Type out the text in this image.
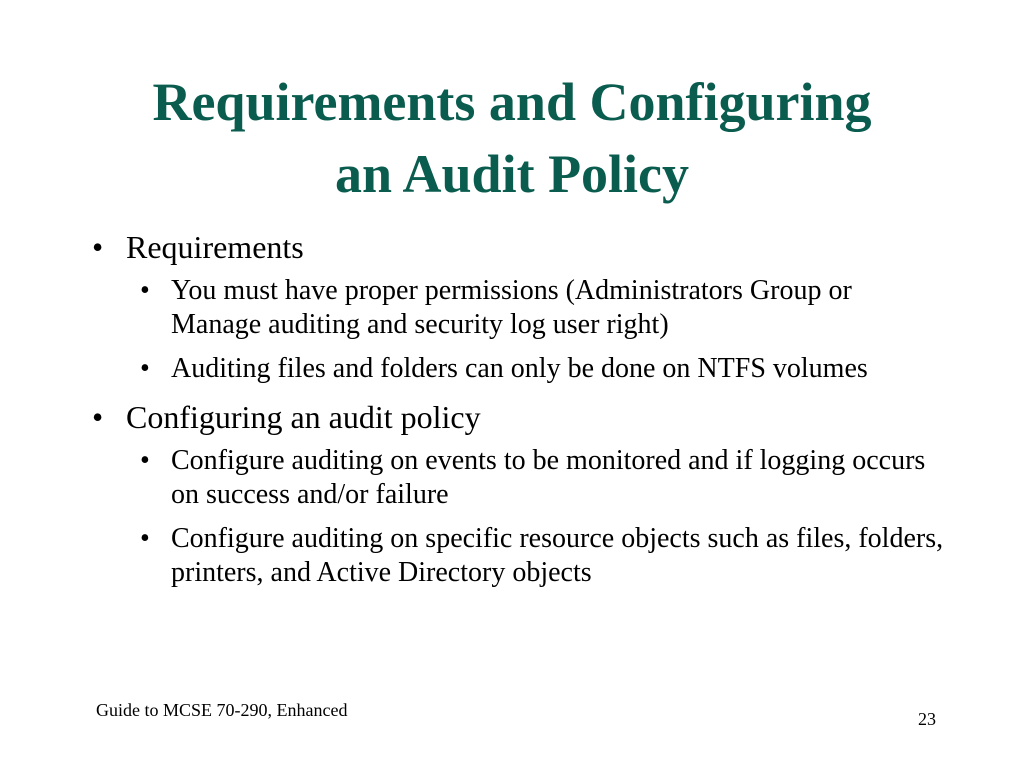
Requirements and Configuring
an Audit Policy
• Requirements
• You must have proper permissions (Administrators Group or Manage auditing and security log user right)
• Auditing files and folders can only be done on NTFS volumes
• Configuring an audit policy
• Configure auditing on events to be monitored and if logging occurs on success and/or failure
• Configure auditing on specific resource objects such as files, folders, printers, and Active Directory objects
Guide to MCSE 70-290, Enhanced	23
